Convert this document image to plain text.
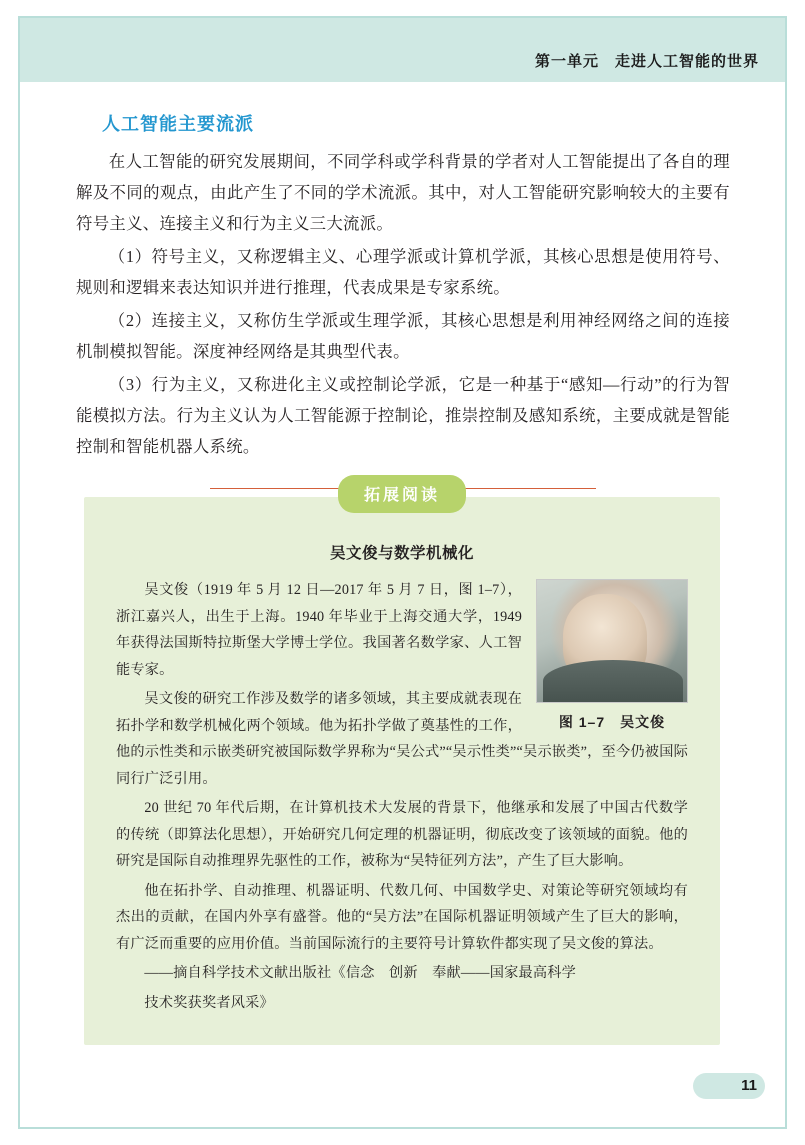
第一单元　走进人工智能的世界
人工智能主要流派

在人工智能的研究发展期间，不同学科或学科背景的学者对人工智能提出了各自的理解及不同的观点，由此产生了不同的学术流派。其中，对人工智能研究影响较大的主要有符号主义、连接主义和行为主义三大流派。

（1）符号主义，又称逻辑主义、心理学派或计算机学派，其核心思想是使用符号、规则和逻辑来表达知识并进行推理，代表成果是专家系统。

（2）连接主义，又称仿生学派或生理学派，其核心思想是利用神经网络之间的连接机制模拟智能。深度神经网络是其典型代表。

（3）行为主义，又称进化主义或控制论学派，它是一种基于“感知—行动”的行为智能模拟方法。行为主义认为人工智能源于控制论，推崇控制及感知系统，主要成就是智能控制和智能机器人系统。

拓展阅读
吴文俊与数学机械化
图 1–7　吴文俊

吴文俊（1919 年 5 月 12 日—2017 年 5 月 7 日，图 1–7），浙江嘉兴人，出生于上海。1940 年毕业于上海交通大学，1949 年获得法国斯特拉斯堡大学博士学位。我国著名数学家、人工智能专家。

吴文俊的研究工作涉及数学的诸多领域，其主要成就表现在拓扑学和数学机械化两个领域。他为拓扑学做了奠基性的工作，他的示性类和示嵌类研究被国际数学界称为“吴公式”“吴示性类”“吴示嵌类”，至今仍被国际同行广泛引用。

20 世纪 70 年代后期，在计算机技术大发展的背景下，他继承和发展了中国古代数学的传统（即算法化思想），开始研究几何定理的机器证明，彻底改变了该领域的面貌。他的研究是国际自动推理界先驱性的工作，被称为“吴特征列方法”，产生了巨大影响。

他在拓扑学、自动推理、机器证明、代数几何、中国数学史、对策论等研究领域均有杰出的贡献，在国内外享有盛誉。他的“吴方法”在国际机器证明领域产生了巨大的影响，有广泛而重要的应用价值。当前国际流行的主要符号计算软件都实现了吴文俊的算法。

——摘自科学技术文献出版社《信念　创新　奉献——国家最高科学

技术奖获奖者风采》

11
